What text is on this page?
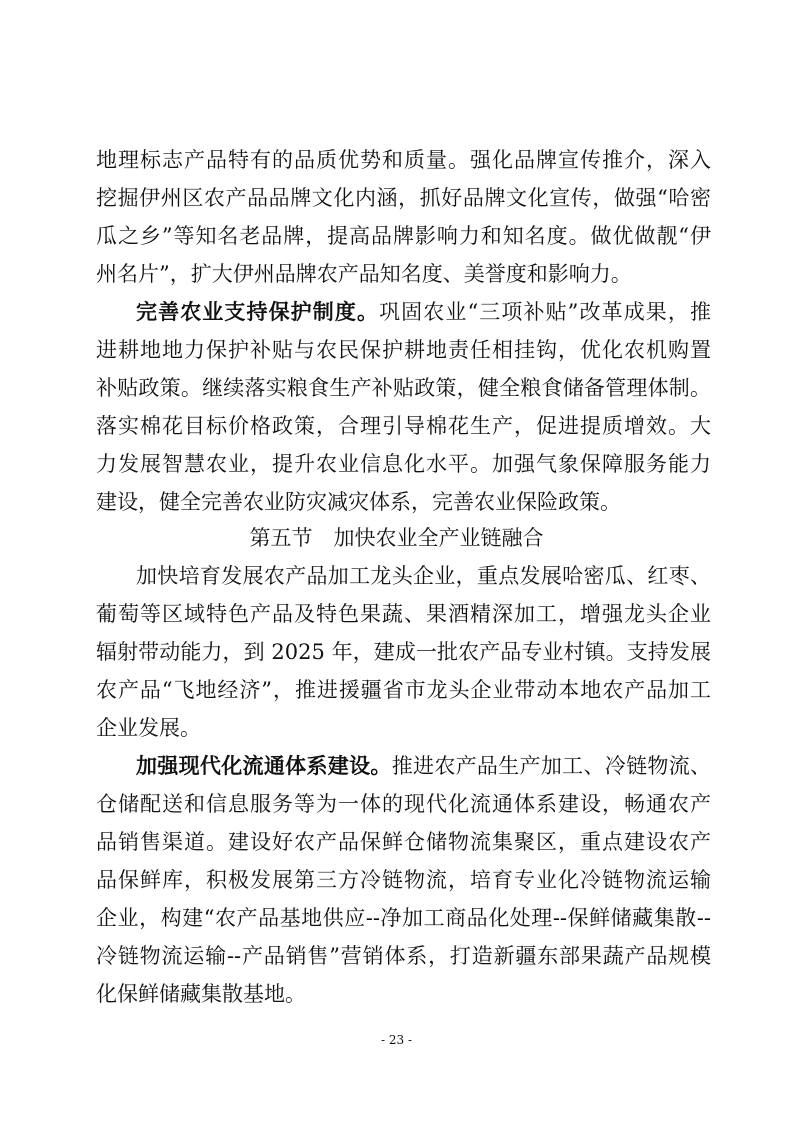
地理标志产品特有的品质优势和质量。强化品牌宣传推介，深入

挖掘伊州区农产品品牌文化内涵，抓好品牌文化宣传，做强“哈密

瓜之乡”等知名老品牌，提高品牌影响力和知名度。做优做靓“伊

州名片”，扩大伊州品牌农产品知名度、美誉度和影响力。

完善农业支持保护制度。巩固农业“三项补贴”改革成果，推

进耕地地力保护补贴与农民保护耕地责任相挂钩，优化农机购置

补贴政策。继续落实粮食生产补贴政策，健全粮食储备管理体制。

落实棉花目标价格政策，合理引导棉花生产，促进提质增效。大

力发展智慧农业，提升农业信息化水平。加强气象保障服务能力

建设，健全完善农业防灾减灾体系，完善农业保险政策。

第五节　加快农业全产业链融合

加快培育发展农产品加工龙头企业，重点发展哈密瓜、红枣、

葡萄等区域特色产品及特色果蔬、果酒精深加工，增强龙头企业

辐射带动能力，到 2025 年，建成一批农产品专业村镇。支持发展

农产品“飞地经济”，推进援疆省市龙头企业带动本地农产品加工

企业发展。

加强现代化流通体系建设。推进农产品生产加工、冷链物流、

仓储配送和信息服务等为一体的现代化流通体系建设，畅通农产

品销售渠道。建设好农产品保鲜仓储物流集聚区，重点建设农产

品保鲜库，积极发展第三方冷链物流，培育专业化冷链物流运输

企业，构建“农产品基地供应--净加工商品化处理--保鲜储藏集散--

冷链物流运输--产品销售”营销体系，打造新疆东部果蔬产品规模

化保鲜储藏集散基地。

- 23 -
